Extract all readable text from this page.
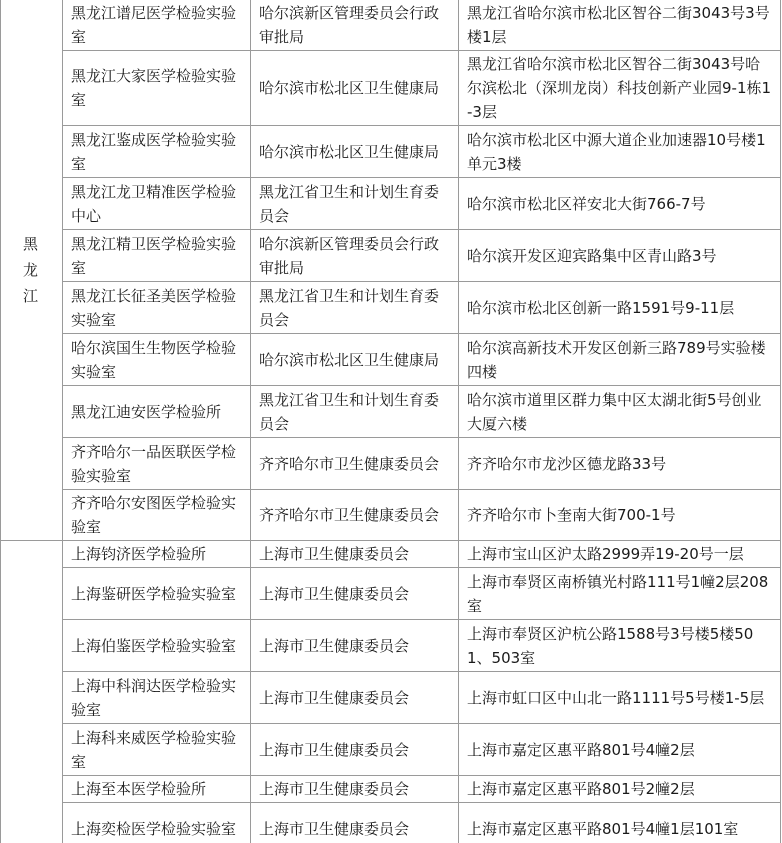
黑 龙 江	黑龙江谱尼医学检验实验室	哈尔滨新区管理委员会行政审批局	黑龙江省哈尔滨市松北区智谷二街3043号3号楼1层
	黑龙江大家医学检验实验室	哈尔滨市松北区卫生健康局	黑龙江省哈尔滨市松北区智谷二街3043号哈尔滨松北（深圳龙岗）科技创新产业园9-1栋1-3层
	黑龙江鉴成医学检验实验室	哈尔滨市松北区卫生健康局	哈尔滨市松北区中源大道企业加速器10号楼1单元3楼
	黑龙江龙卫精准医学检验中心	黑龙江省卫生和计划生育委员会	哈尔滨市松北区祥安北大街766-7号
	黑龙江精卫医学检验实验室	哈尔滨新区管理委员会行政审批局	哈尔滨开发区迎宾路集中区青山路3号
	黑龙江长征圣美医学检验实验室	黑龙江省卫生和计划生育委员会	哈尔滨市松北区创新一路1591号9-11层
	哈尔滨国生生物医学检验实验室	哈尔滨市松北区卫生健康局	哈尔滨高新技术开发区创新三路789号实验楼四楼
	黑龙江迪安医学检验所	黑龙江省卫生和计划生育委员会	哈尔滨市道里区群力集中区太湖北街5号创业大厦六楼
	齐齐哈尔一品医联医学检验实验室	齐齐哈尔市卫生健康委员会	齐齐哈尔市龙沙区德龙路33号
	齐齐哈尔安图医学检验实验室	齐齐哈尔市卫生健康委员会	齐齐哈尔市卜奎南大街700-1号
	上海钧济医学检验所	上海市卫生健康委员会	上海市宝山区沪太路2999弄19-20号一层
	上海鉴研医学检验实验室	上海市卫生健康委员会	上海市奉贤区南桥镇光村路111号1幢2层208室
	上海伯鉴医学检验实验室	上海市卫生健康委员会	上海市奉贤区沪杭公路1588号3号楼5楼501、503室
	上海中科润达医学检验实验室	上海市卫生健康委员会	上海市虹口区中山北一路1111号5号楼1-5层
	上海科来威医学检验实验室	上海市卫生健康委员会	上海市嘉定区惠平路801号4幢2层
	上海至本医学检验所	上海市卫生健康委员会	上海市嘉定区惠平路801号2幢2层
	上海奕检医学检验实验室	上海市卫生健康委员会	上海市嘉定区惠平路801号4幢1层101室
